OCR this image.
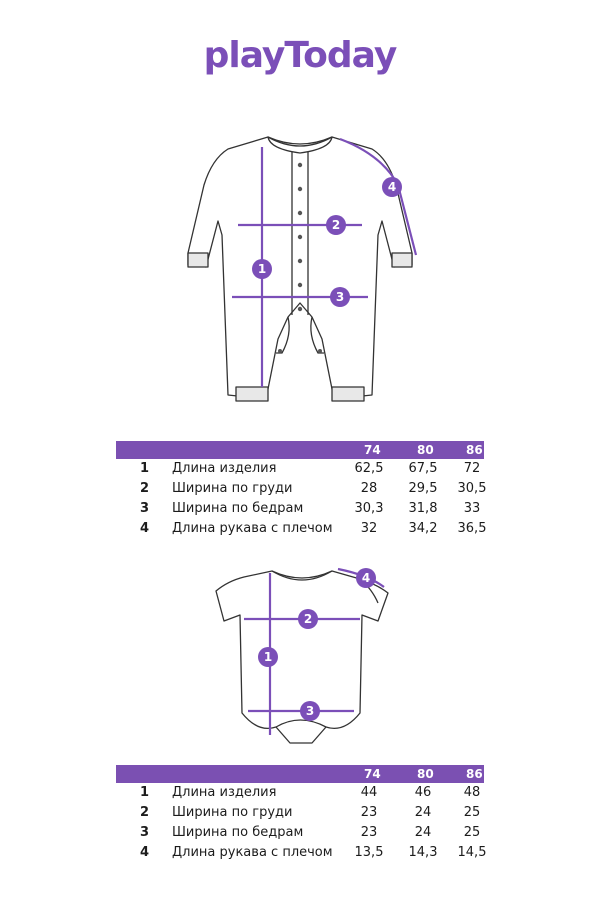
playToday
1
2
3
4
74	80	86
1 Длина изделия	62,5	67,5	72
2 Ширина по груди	28	29,5	30,5
3 Ширина по бедрам	30,3	31,8	33
4 Длина рукава с плечом	32	34,2	36,5
1
2
3
4
74	80	86
1 Длина изделия	44	46	48
2 Ширина по груди	23	24	25
3 Ширина по бедрам	23	24	25
4 Длина рукава с плечом	13,5	14,3	14,5
